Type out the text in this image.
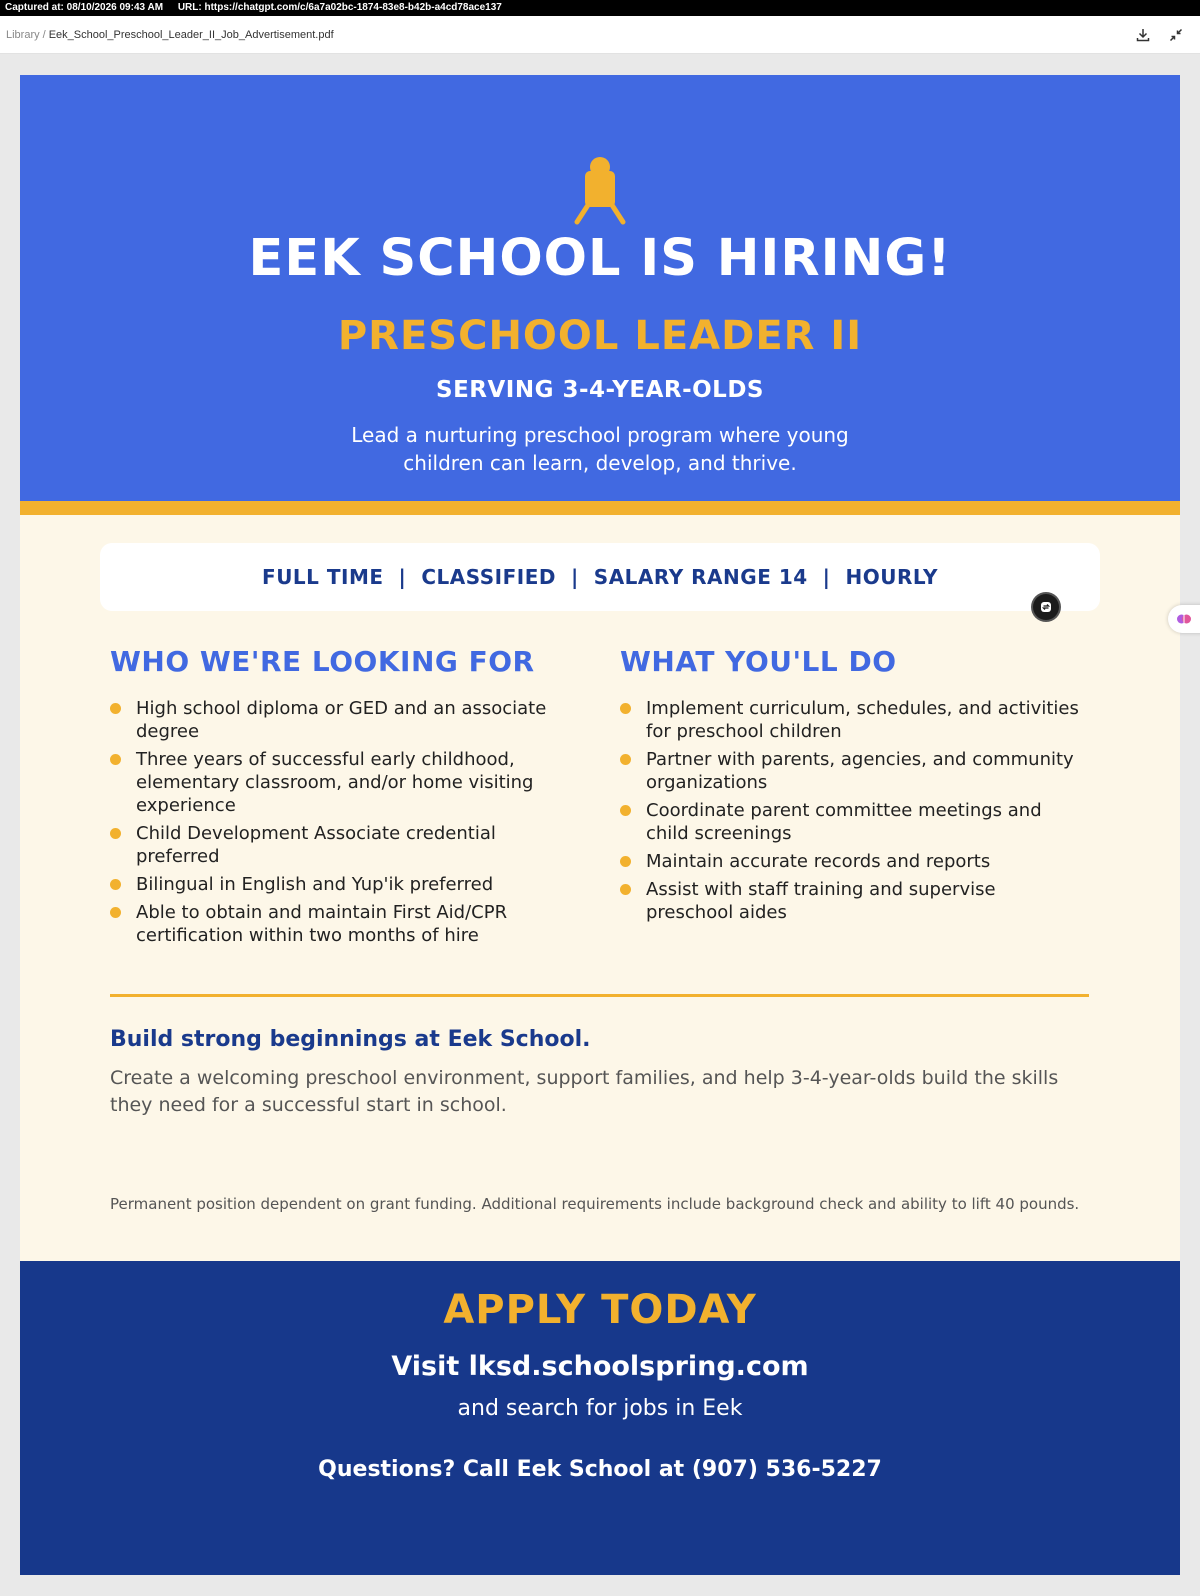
Captured at: 08/10/2026 09:43 AM URL: https://chatgpt.com/c/6a7a02bc-1874-83e8-b42b-a4cd78ace137
Library / Eek_School_Preschool_Leader_II_Job_Advertisement.pdf
EEK SCHOOL IS HIRING!
PRESCHOOL LEADER II
SERVING 3-4-YEAR-OLDS
Lead a nurturing preschool program where young children can learn, develop, and thrive.
FULL TIME | CLASSIFIED | SALARY RANGE 14 | HOURLY
WHO WE'RE LOOKING FOR
High school diploma or GED and an associate degree
Three years of successful early childhood, elementary classroom, and/or home visiting experience
Child Development Associate credential preferred
Bilingual in English and Yup'ik preferred
Able to obtain and maintain First Aid/CPR certification within two months of hire
WHAT YOU'LL DO
Implement curriculum, schedules, and activities for preschool children
Partner with parents, agencies, and community organizations
Coordinate parent committee meetings and child screenings
Maintain accurate records and reports
Assist with staff training and supervise preschool aides
Build strong beginnings at Eek School.
Create a welcoming preschool environment, support families, and help 3-4-year-olds build the skills they need for a successful start in school.
Permanent position dependent on grant funding. Additional requirements include background check and ability to lift 40 pounds.
APPLY TODAY
Visit lksd.schoolspring.com
and search for jobs in Eek
Questions? Call Eek School at (907) 536-5227
